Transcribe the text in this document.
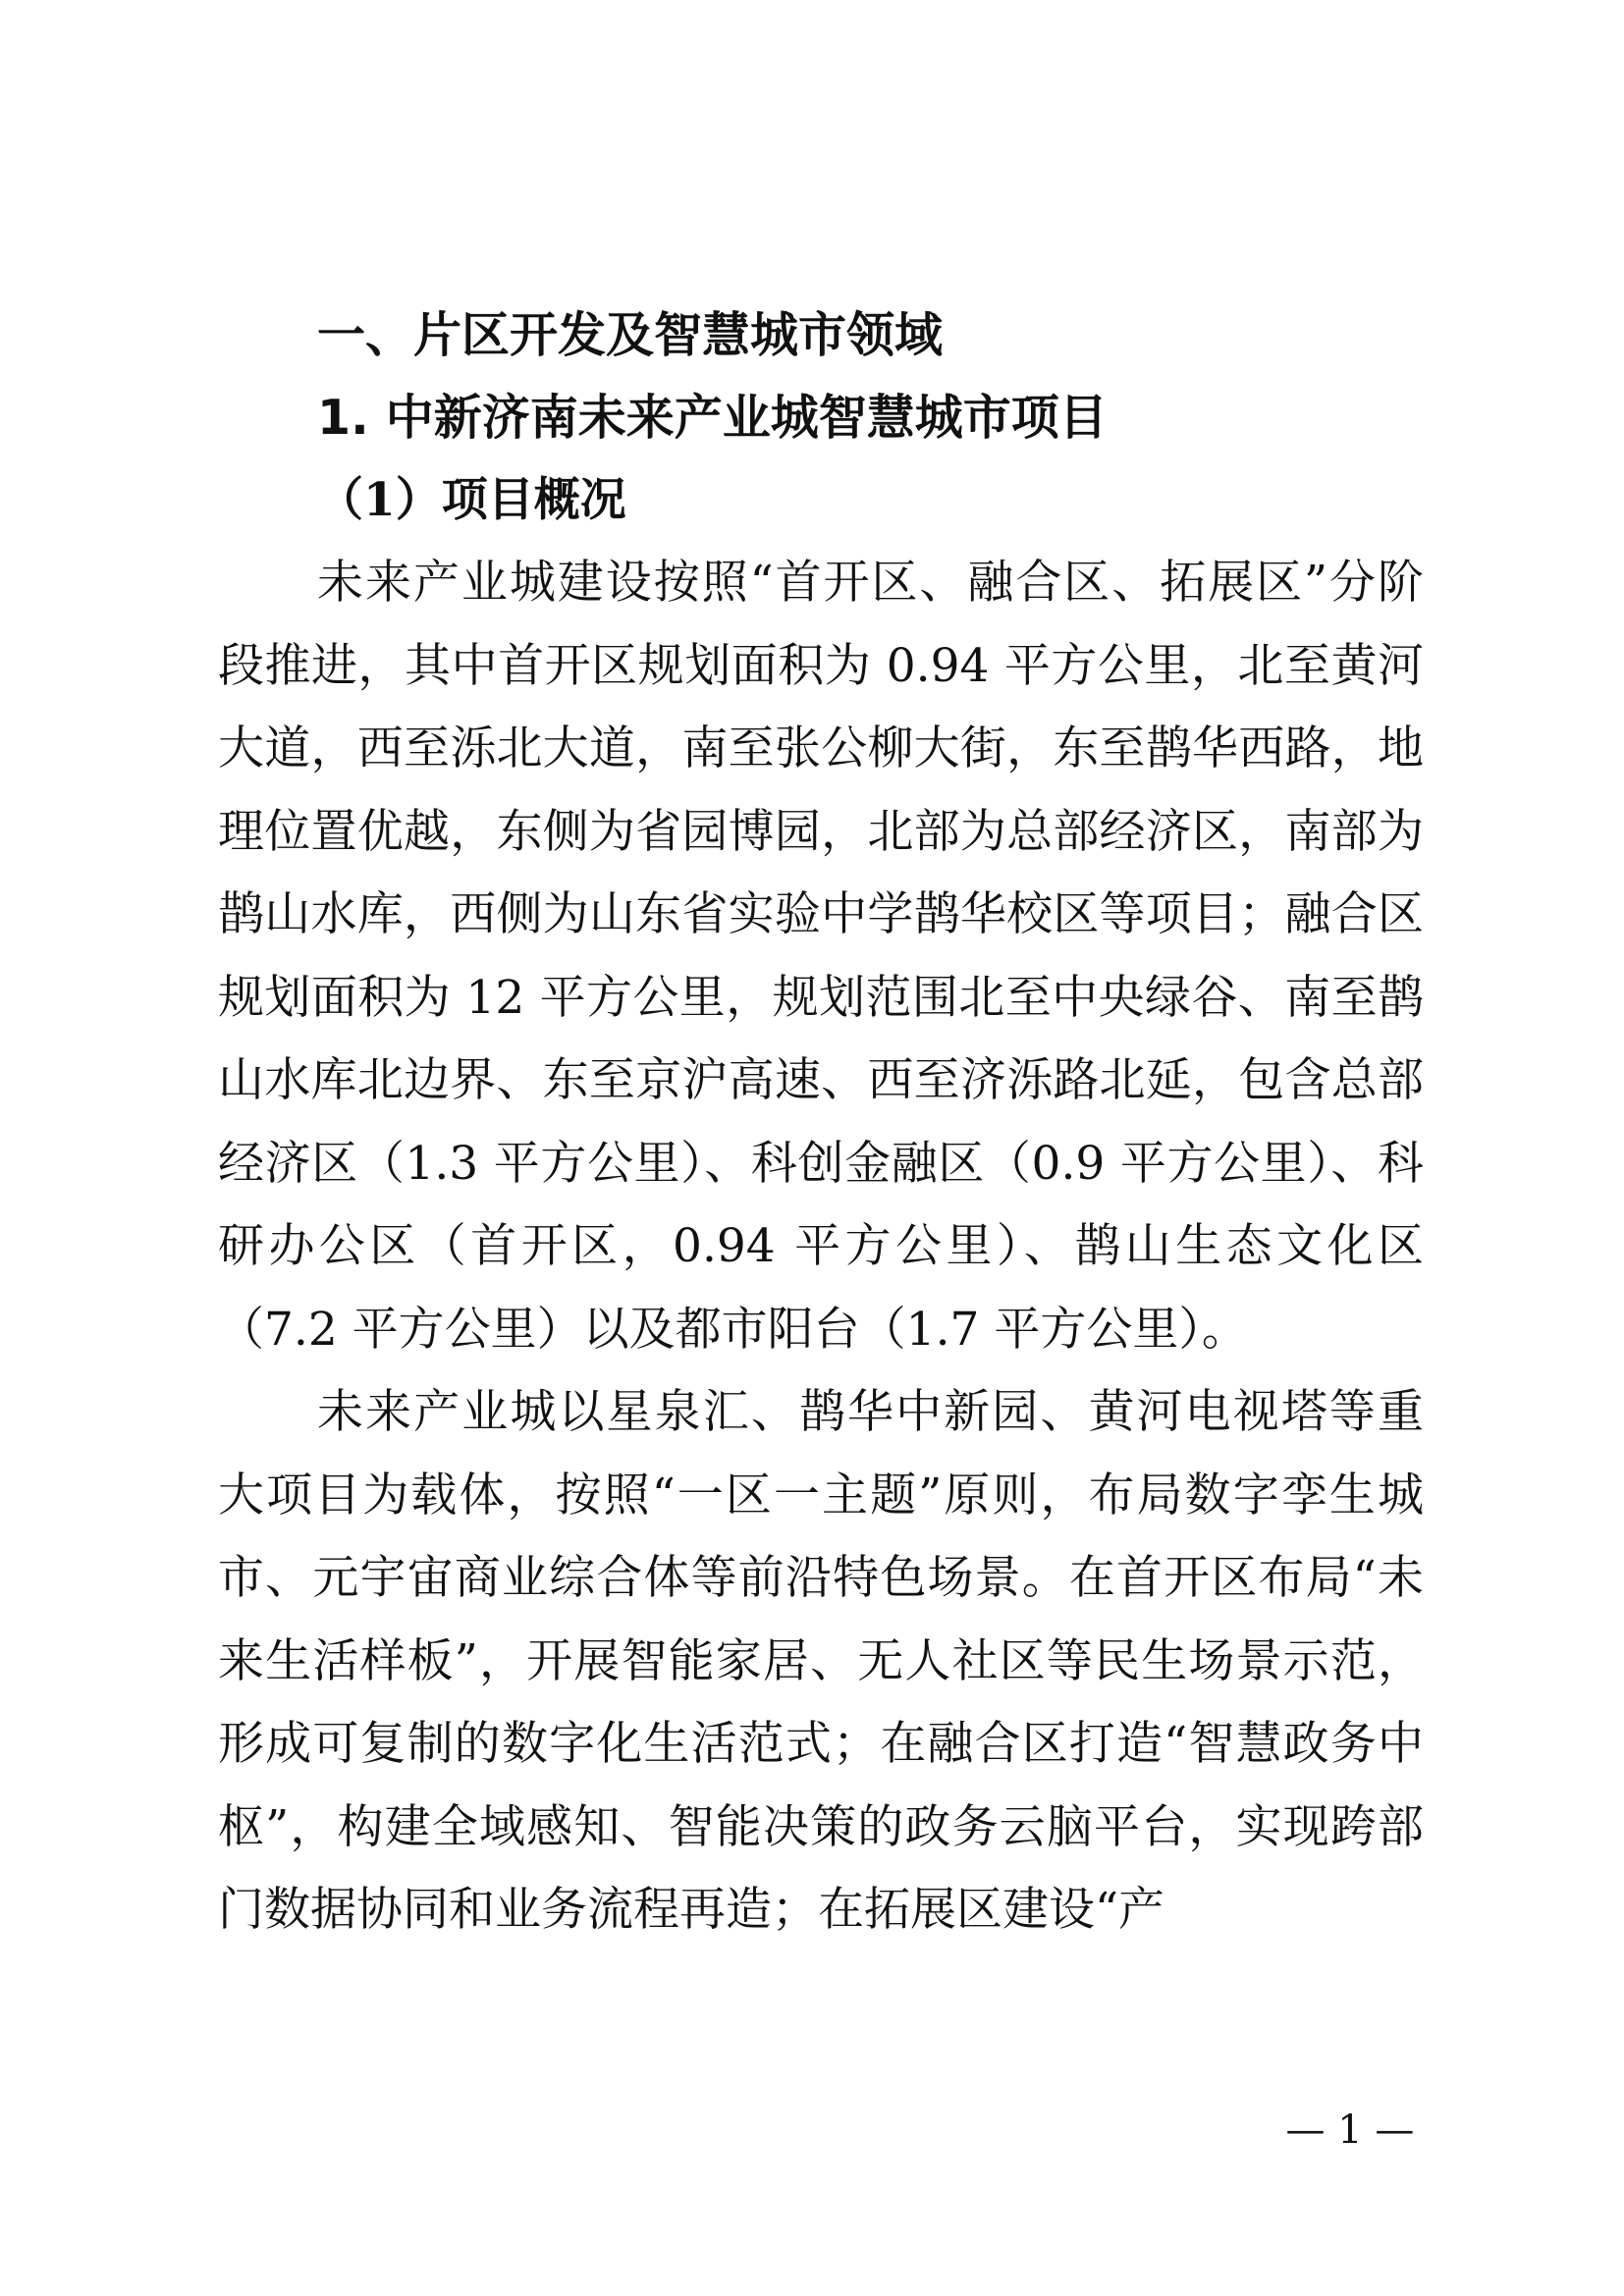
一、片区开发及智慧城市领域
1. 中新济南未来产业城智慧城市项目
（1）项目概况

未来产业城建设按照“首开区、融合区、拓展区”分阶段推进，其中首开区规划面积为 0.94 平方公里，北至黄河大道，西至泺北大道，南至张公柳大街，东至鹊华西路，地理位置优越，东侧为省园博园，北部为总部经济区，南部为鹊山水库，西侧为山东省实验中学鹊华校区等项目；融合区规划面积为 12 平方公里，规划范围北至中央绿谷、南至鹊山水库北边界、东至京沪高速、西至济泺路北延，包含总部经济区（1.3 平方公里）、科创金融区（0.9 平方公里）、科研办公区（首开区，0.94 平方公里）、鹊山生态文化区（7.2 平方公里）以及都市阳台（1.7 平方公里）。

未来产业城以星泉汇、鹊华中新园、黄河电视塔等重大项目为载体，按照“一区一主题”原则，布局数字孪生城市、元宇宙商业综合体等前沿特色场景。在首开区布局“未来生活样板”，开展智能家居、无人社区等民生场景示范，形成可复制的数字化生活范式；在融合区打造“智慧政务中枢”，构建全域感知、智能决策的政务云脑平台，实现跨部门数据协同和业务流程再造；在拓展区建设“产

— 1 —
